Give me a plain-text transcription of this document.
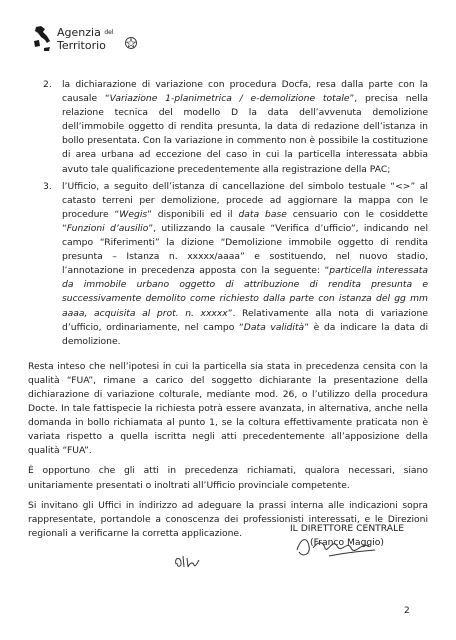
Agenzia $^{del}$
Territorio
2. la dichiarazione di variazione con procedura Docfa, resa dalla parte con la causale “Variazione 1-planimetrica / e-demolizione totale”, precisa nella relazione tecnica del modello D la data dell’avvenuta demolizione dell’immobile oggetto di rendita presunta, la data di redazione dell’istanza in bollo presentata. Con la variazione in commento non è possibile la costituzione di area urbana ad eccezione del caso in cui la particella interessata abbia avuto tale qualificazione precedentemente alla registrazione della PAC;
3. l’Ufficio, a seguito dell’istanza di cancellazione del simbolo testuale “<>” al catasto terreni per demolizione, procede ad aggiornare la mappa con le procedure “Wegis” disponibili ed il data base censuario con le cosiddette “Funzioni d’ausilio”, utilizzando la causale “Verifica d’ufficio”, indicando nel campo “Riferimenti” la dizione “Demolizione immobile oggetto di rendita presunta – Istanza n. xxxxx/aaaa” e sostituendo, nel nuovo stadio, l’annotazione in precedenza apposta con la seguente: “particella interessata da immobile urbano oggetto di attribuzione di rendita presunta e successivamente demolito come richiesto dalla parte con istanza del gg mm aaaa, acquisita al prot. n. xxxxx”. Relativamente alla nota di variazione d’ufficio, ordinariamente, nel campo “Data validità” è da indicare la data di demolizione.

Resta inteso che nell’ipotesi in cui la particella sia stata in precedenza censita con la qualità “FUA”, rimane a carico del soggetto dichiarante la presentazione della dichiarazione di variazione colturale, mediante mod. 26, o l’utilizzo della procedura Docte. In tale fattispecie la richiesta potrà essere avanzata, in alternativa, anche nella domanda in bollo richiamata al punto 1, se la coltura effettivamente praticata non è variata rispetto a quella iscritta negli atti precedentemente all’apposizione della qualità “FUA”.

È opportuno che gli atti in precedenza richiamati, qualora necessari, siano unitariamente presentati o inoltrati all’Ufficio provinciale competente.

Si invitano gli Uffici in indirizzo ad adeguare la prassi interna alle indicazioni sopra rappresentate, portandole a conoscenza dei professionisti interessati, e le Direzioni regionali a verificarne la corretta applicazione.	IL DIRETTORE CENTRALE
(Franco Maggio)
2
